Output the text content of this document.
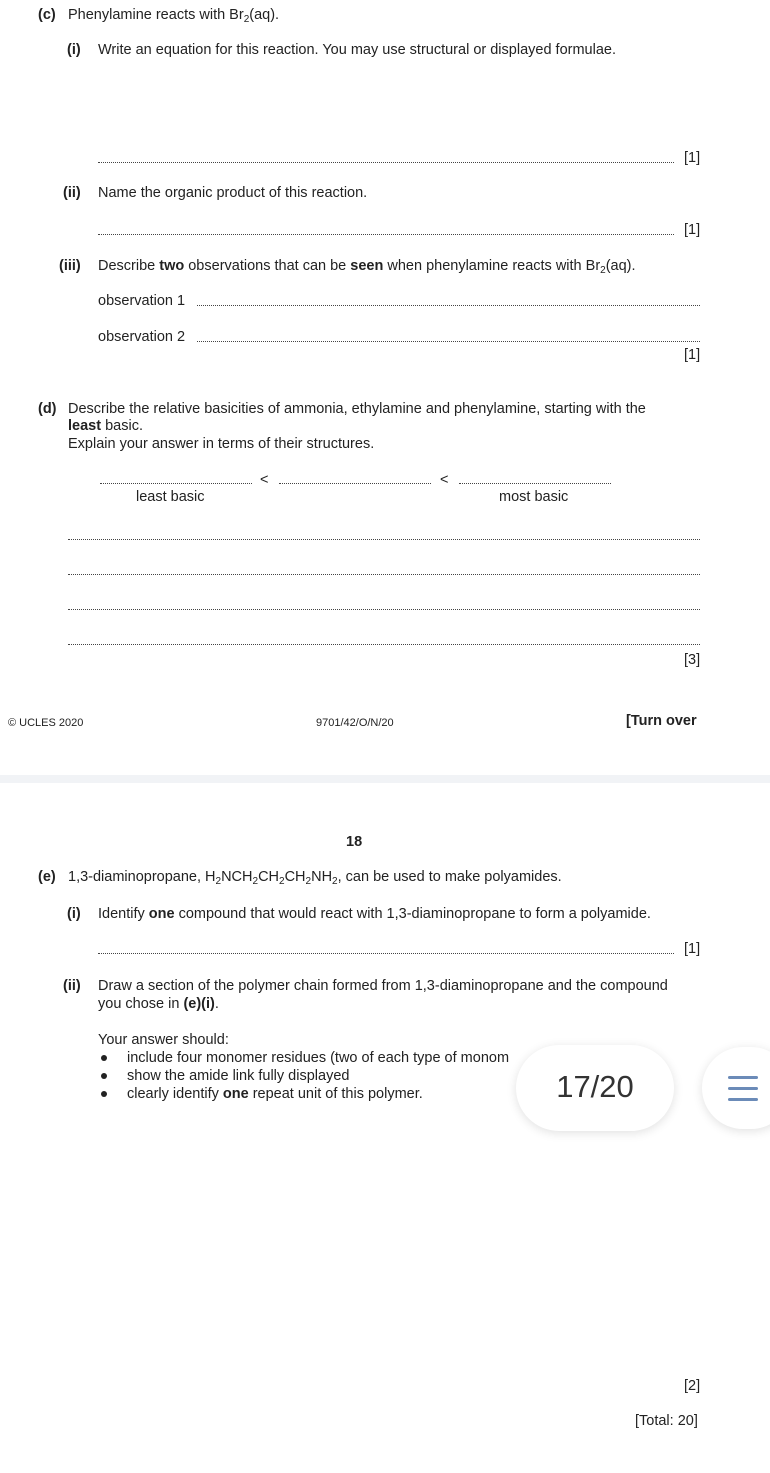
(c) Phenylamine reacts with $Br_2(aq)$.
(i) Write an equation for this reaction. You may use structural or displayed formulae.
[1]
(ii) Name the organic product of this reaction.
[1]
(iii) Describe two observations that can be seen when phenylamine reacts with $Br_2(aq)$.
observation 1
observation 2
[1]
(d) Describe the relative basicities of ammonia, ethylamine and phenylamine, starting with the
least basic.
Explain your answer in terms of their structures.
<	<
least basic	most basic
[3]
© UCLES 2020	9701/42/O/N/20	[Turn over
18
(e) 1,3-diaminopropane, $H_2NCH_2CH_2CH_2NH_2$, can be used to make polyamides.
(i) Identify one compound that would react with 1,3-diaminopropane to form a polyamide.
[1]
(ii) Draw a section of the polymer chain formed from 1,3-diaminopropane and the compound
you chose in (e)(i).
Your answer should:
include four monomer residues (two of each type of monom
show the amide link fully displayed
clearly identify one repeat unit of this polymer.
[2]
[Total: 20]
17/20
